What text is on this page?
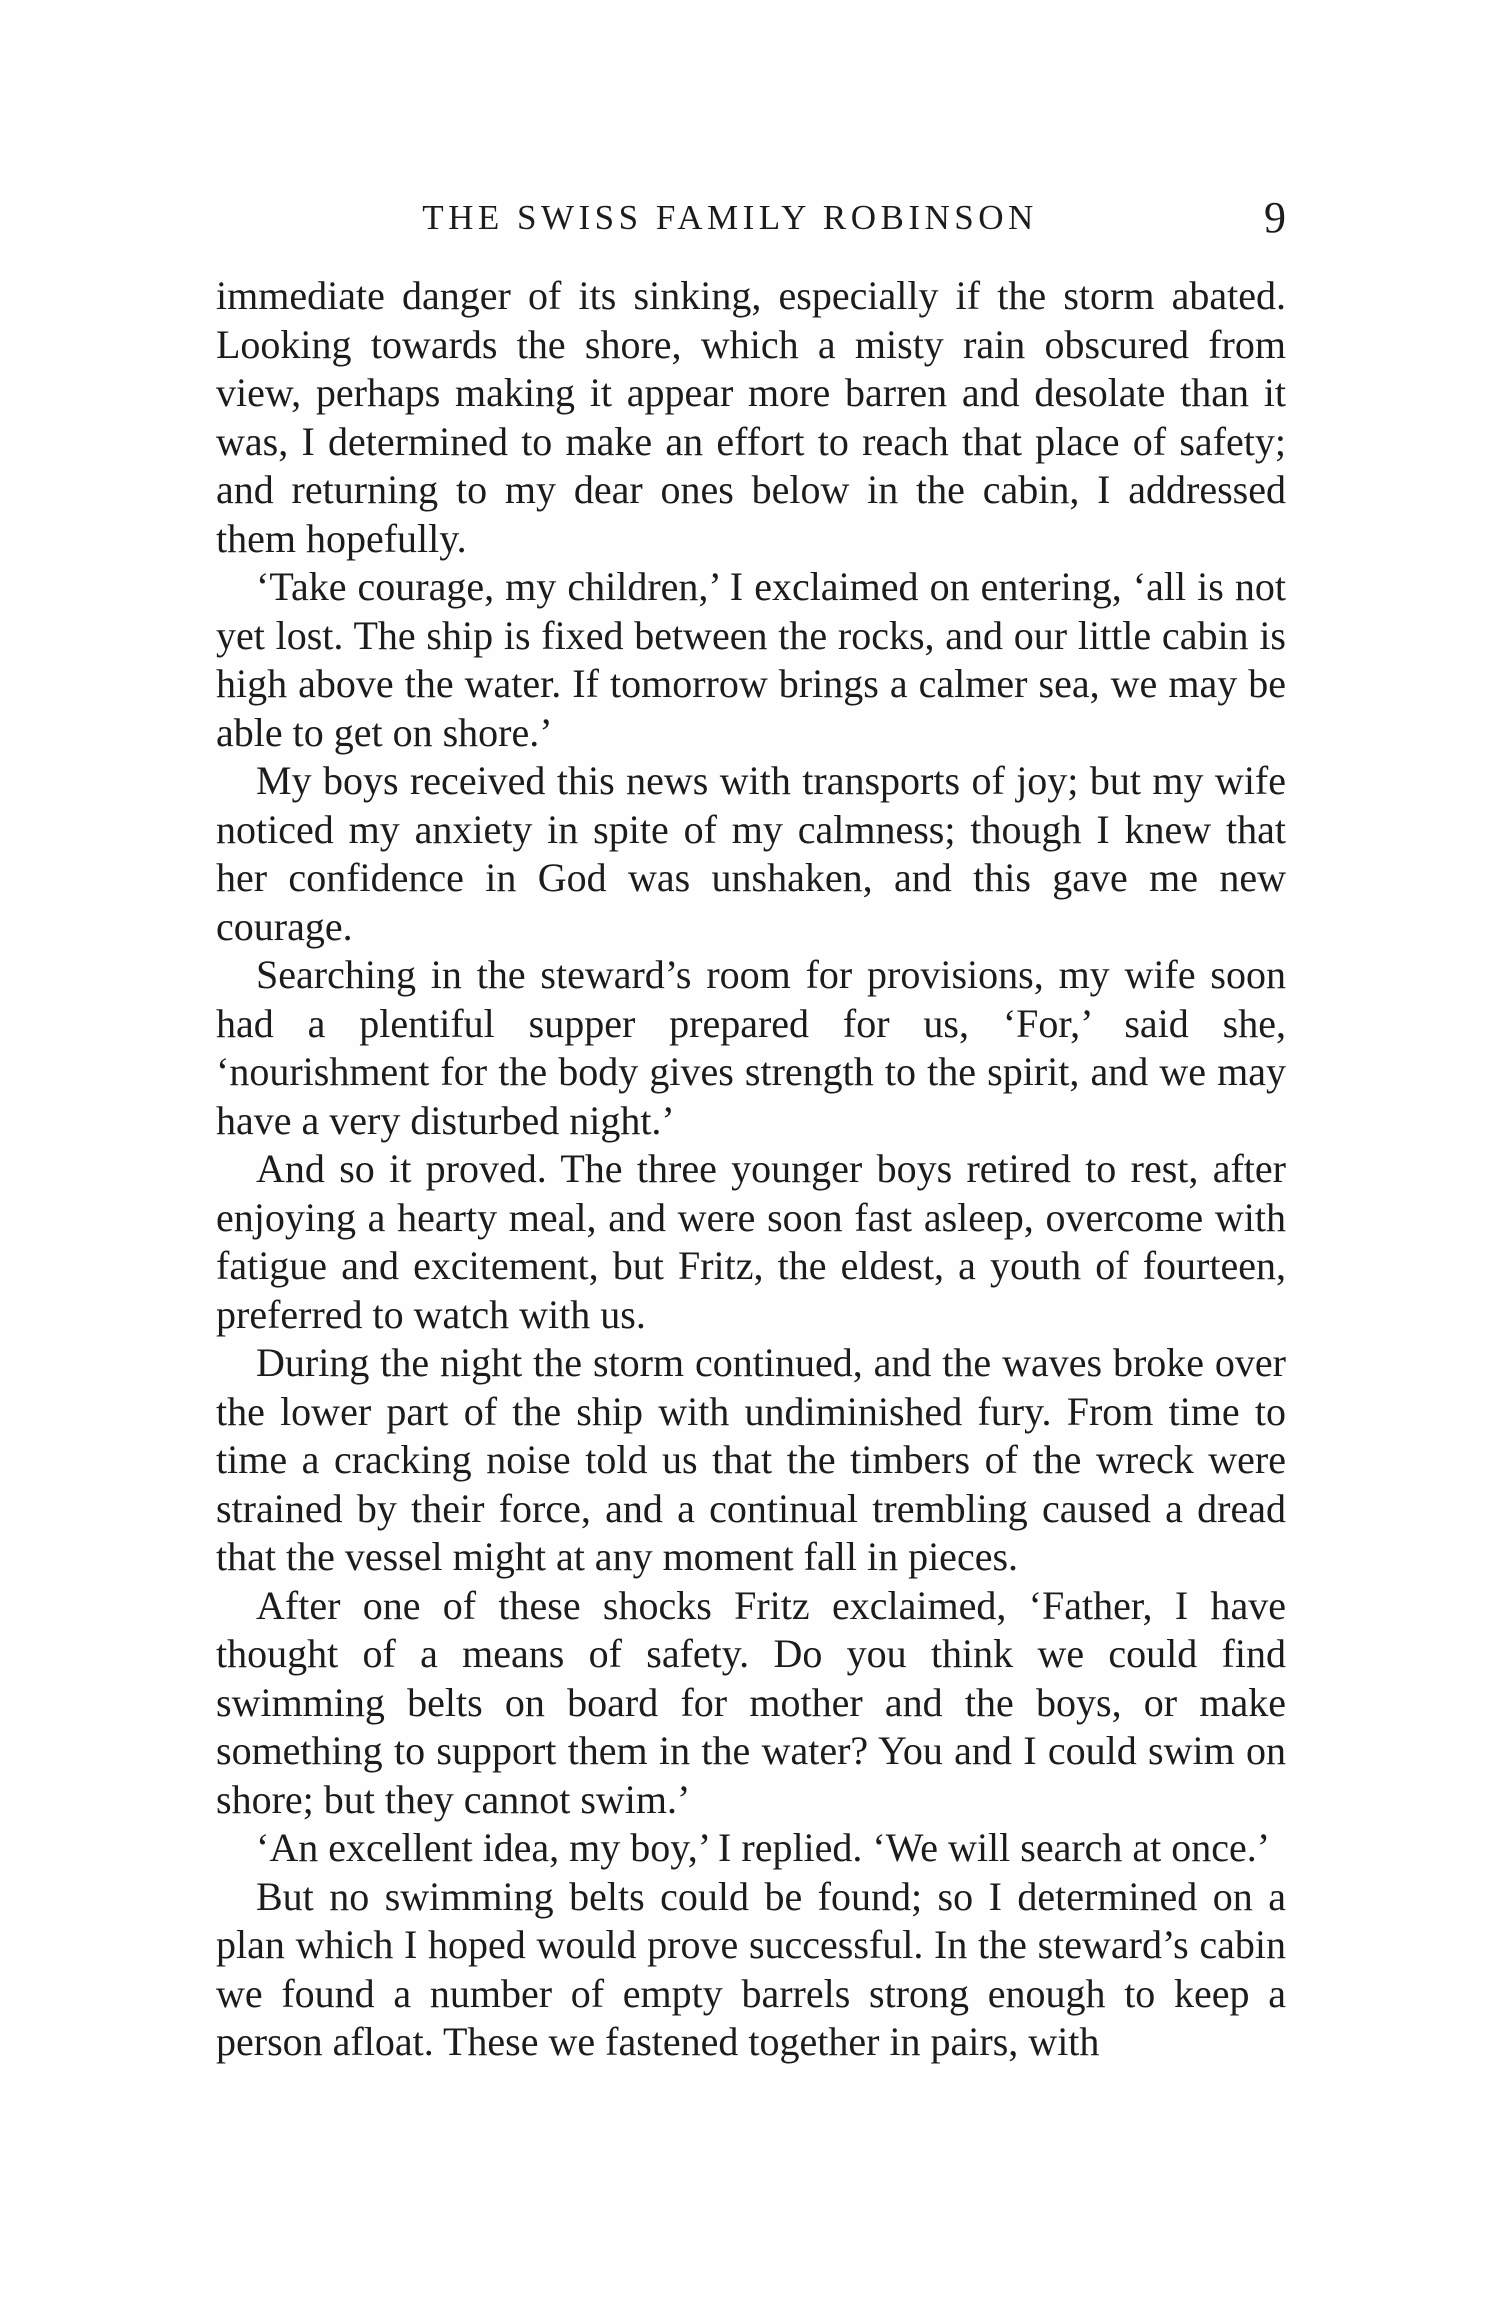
THE SWISS FAMILY ROBINSON	9

immediate danger of its sinking, especially if the storm abated. Looking towards the shore, which a misty rain obscured from view, perhaps making it appear more barren and desolate than it was, I determined to make an effort to reach that place of safety; and returning to my dear ones below in the cabin, I addressed them hopefully.

‘Take courage, my children,’ I exclaimed on entering, ‘all is not yet lost. The ship is fixed between the rocks, and our little cabin is high above the water. If tomorrow brings a calmer sea, we may be able to get on shore.’

My boys received this news with transports of joy; but my wife noticed my anxiety in spite of my calmness; though I knew that her confidence in God was unshaken, and this gave me new courage.

Searching in the steward’s room for provisions, my wife soon had a plentiful supper prepared for us, ‘For,’ said she, ‘nourishment for the body gives strength to the spirit, and we may have a very disturbed night.’

And so it proved. The three younger boys retired to rest, after enjoying a hearty meal, and were soon fast asleep, overcome with fatigue and excitement, but Fritz, the eldest, a youth of fourteen, preferred to watch with us.

During the night the storm continued, and the waves broke over the lower part of the ship with undiminished fury. From time to time a cracking noise told us that the timbers of the wreck were strained by their force, and a continual trembling caused a dread that the vessel might at any moment fall in pieces.

After one of these shocks Fritz exclaimed, ‘Father, I have thought of a means of safety. Do you think we could find swimming belts on board for mother and the boys, or make something to support them in the water? You and I could swim on shore; but they cannot swim.’

‘An excellent idea, my boy,’ I replied. ‘We will search at once.’

But no swimming belts could be found; so I determined on a plan which I hoped would prove successful. In the steward’s cabin we found a number of empty barrels strong enough to keep a person afloat. These we fastened together in pairs, with
